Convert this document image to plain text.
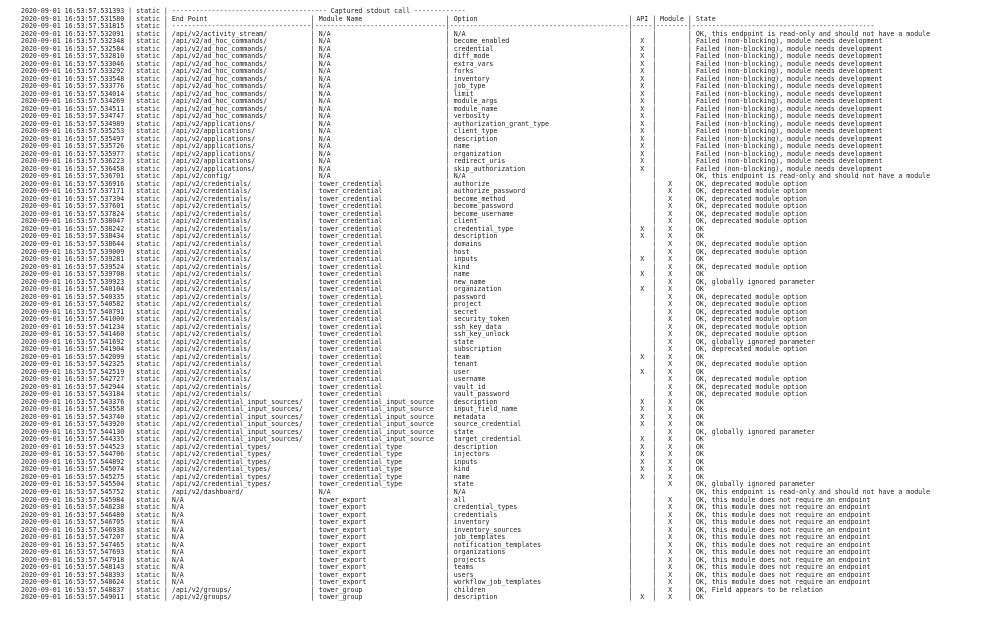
2020-09-01 16:53:57.531393 | static | --------------------------------------- Captured stdout call -------------
2020-09-01 16:53:57.531580 | static | End Point                          | Module Name                     | Option                                      | API | Module | State
2020-09-01 16:53:57.531815 | static | -----------------------------------|---------------------------------|---------------------------------------------|-----|--------|----------------------------------------------
2020-09-01 16:53:57.532091 | static | /api/v2/activity_stream/           | N/A                             | N/A                                         |     |        | OK, this endpoint is read-only and should not have a module
2020-09-01 16:53:57.532348 | static | /api/v2/ad_hoc_commands/           | N/A                             | become_enabled                              |  X  |        | Failed (non-blocking), module needs development
2020-09-01 16:53:57.532584 | static | /api/v2/ad_hoc_commands/           | N/A                             | credential                                  |  X  |        | Failed (non-blocking), module needs development
2020-09-01 16:53:57.532810 | static | /api/v2/ad_hoc_commands/           | N/A                             | diff_mode                                   |  X  |        | Failed (non-blocking), module needs development
2020-09-01 16:53:57.533046 | static | /api/v2/ad_hoc_commands/           | N/A                             | extra_vars                                  |  X  |        | Failed (non-blocking), module needs development
2020-09-01 16:53:57.533292 | static | /api/v2/ad_hoc_commands/           | N/A                             | forks                                       |  X  |        | Failed (non-blocking), module needs development
2020-09-01 16:53:57.533548 | static | /api/v2/ad_hoc_commands/           | N/A                             | inventory                                   |  X  |        | Failed (non-blocking), module needs development
2020-09-01 16:53:57.533776 | static | /api/v2/ad_hoc_commands/           | N/A                             | job_type                                    |  X  |        | Failed (non-blocking), module needs development
2020-09-01 16:53:57.534014 | static | /api/v2/ad_hoc_commands/           | N/A                             | limit                                       |  X  |        | Failed (non-blocking), module needs development
2020-09-01 16:53:57.534269 | static | /api/v2/ad_hoc_commands/           | N/A                             | module_args                                 |  X  |        | Failed (non-blocking), module needs development
2020-09-01 16:53:57.534511 | static | /api/v2/ad_hoc_commands/           | N/A                             | module_name                                 |  X  |        | Failed (non-blocking), module needs development
2020-09-01 16:53:57.534747 | static | /api/v2/ad_hoc_commands/           | N/A                             | verbosity                                   |  X  |        | Failed (non-blocking), module needs development
2020-09-01 16:53:57.534989 | static | /api/v2/applications/              | N/A                             | authorization_grant_type                    |  X  |        | Failed (non-blocking), module needs development
2020-09-01 16:53:57.535253 | static | /api/v2/applications/              | N/A                             | client_type                                 |  X  |        | Failed (non-blocking), module needs development
2020-09-01 16:53:57.535497 | static | /api/v2/applications/              | N/A                             | description                                 |  X  |        | Failed (non-blocking), module needs development
2020-09-01 16:53:57.535726 | static | /api/v2/applications/              | N/A                             | name                                        |  X  |        | Failed (non-blocking), module needs development
2020-09-01 16:53:57.535977 | static | /api/v2/applications/              | N/A                             | organization                                |  X  |        | Failed (non-blocking), module needs development
2020-09-01 16:53:57.536223 | static | /api/v2/applications/              | N/A                             | redirect_uris                               |  X  |        | Failed (non-blocking), module needs development
2020-09-01 16:53:57.536458 | static | /api/v2/applications/              | N/A                             | skip_authorization                          |  X  |        | Failed (non-blocking), module needs development
2020-09-01 16:53:57.536701 | static | /api/v2/config/                    | N/A                             | N/A                                         |     |        | OK, this endpoint is read-only and should not have a module
2020-09-01 16:53:57.536916 | static | /api/v2/credentials/               | tower_credential                | authorize                                   |     |   X    | OK, deprecated module option
2020-09-01 16:53:57.537171 | static | /api/v2/credentials/               | tower_credential                | authorize_password                          |     |   X    | OK, deprecated module option
2020-09-01 16:53:57.537394 | static | /api/v2/credentials/               | tower_credential                | become_method                               |     |   X    | OK, deprecated module option
2020-09-01 16:53:57.537601 | static | /api/v2/credentials/               | tower_credential                | become_password                             |     |   X    | OK, deprecated module option
2020-09-01 16:53:57.537824 | static | /api/v2/credentials/               | tower_credential                | become_username                             |     |   X    | OK, deprecated module option
2020-09-01 16:53:57.538047 | static | /api/v2/credentials/               | tower_credential                | client                                      |     |   X    | OK, deprecated module option
2020-09-01 16:53:57.538242 | static | /api/v2/credentials/               | tower_credential                | credential_type                             |  X  |   X    | OK
2020-09-01 16:53:57.538434 | static | /api/v2/credentials/               | tower_credential                | description                                 |  X  |   X    | OK
2020-09-01 16:53:57.538644 | static | /api/v2/credentials/               | tower_credential                | domains                                     |     |   X    | OK, deprecated module option
2020-09-01 16:53:57.539009 | static | /api/v2/credentials/               | tower_credential                | host                                        |     |   X    | OK, deprecated module option
2020-09-01 16:53:57.539281 | static | /api/v2/credentials/               | tower_credential                | inputs                                      |  X  |   X    | OK
2020-09-01 16:53:57.539524 | static | /api/v2/credentials/               | tower_credential                | kind                                        |     |   X    | OK, deprecated module option
2020-09-01 16:53:57.539708 | static | /api/v2/credentials/               | tower_credential                | name                                        |  X  |   X    | OK
2020-09-01 16:53:57.539923 | static | /api/v2/credentials/               | tower_credential                | new_name                                    |     |   X    | OK, globally ignored parameter
2020-09-01 16:53:57.540104 | static | /api/v2/credentials/               | tower_credential                | organization                                |  X  |   X    | OK
2020-09-01 16:53:57.540335 | static | /api/v2/credentials/               | tower_credential                | password                                    |     |   X    | OK, deprecated module option
2020-09-01 16:53:57.540582 | static | /api/v2/credentials/               | tower_credential                | project                                     |     |   X    | OK, deprecated module option
2020-09-01 16:53:57.540791 | static | /api/v2/credentials/               | tower_credential                | secret                                      |     |   X    | OK, deprecated module option
2020-09-01 16:53:57.541000 | static | /api/v2/credentials/               | tower_credential                | security_token                              |     |   X    | OK, deprecated module option
2020-09-01 16:53:57.541234 | static | /api/v2/credentials/               | tower_credential                | ssh_key_data                                |     |   X    | OK, deprecated module option
2020-09-01 16:53:57.541460 | static | /api/v2/credentials/               | tower_credential                | ssh_key_unlock                              |     |   X    | OK, deprecated module option
2020-09-01 16:53:57.541692 | static | /api/v2/credentials/               | tower_credential                | state                                       |     |   X    | OK, globally ignored parameter
2020-09-01 16:53:57.541904 | static | /api/v2/credentials/               | tower_credential                | subscription                                |     |   X    | OK, deprecated module option
2020-09-01 16:53:57.542099 | static | /api/v2/credentials/               | tower_credential                | team                                        |  X  |   X    | OK
2020-09-01 16:53:57.542325 | static | /api/v2/credentials/               | tower_credential                | tenant                                      |     |   X    | OK, deprecated module option
2020-09-01 16:53:57.542519 | static | /api/v2/credentials/               | tower_credential                | user                                        |  X  |   X    | OK
2020-09-01 16:53:57.542727 | static | /api/v2/credentials/               | tower_credential                | username                                    |     |   X    | OK, deprecated module option
2020-09-01 16:53:57.542944 | static | /api/v2/credentials/               | tower_credential                | vault_id                                    |     |   X    | OK, deprecated module option
2020-09-01 16:53:57.543184 | static | /api/v2/credentials/               | tower_credential                | vault_password                              |     |   X    | OK, deprecated module option
2020-09-01 16:53:57.543376 | static | /api/v2/credential_input_sources/  | tower_credential_input_source   | description                                 |  X  |   X    | OK
2020-09-01 16:53:57.543558 | static | /api/v2/credential_input_sources/  | tower_credential_input_source   | input_field_name                            |  X  |   X    | OK
2020-09-01 16:53:57.543740 | static | /api/v2/credential_input_sources/  | tower_credential_input_source   | metadata                                    |  X  |   X    | OK
2020-09-01 16:53:57.543920 | static | /api/v2/credential_input_sources/  | tower_credential_input_source   | source_credential                           |  X  |   X    | OK
2020-09-01 16:53:57.544130 | static | /api/v2/credential_input_sources/  | tower_credential_input_source   | state                                       |     |   X    | OK, globally ignored parameter
2020-09-01 16:53:57.544335 | static | /api/v2/credential_input_sources/  | tower_credential_input_source   | target_credential                           |  X  |   X    | OK
2020-09-01 16:53:57.544523 | static | /api/v2/credential_types/          | tower_credential_type           | description                                 |  X  |   X    | OK
2020-09-01 16:53:57.544706 | static | /api/v2/credential_types/          | tower_credential_type           | injectors                                   |  X  |   X    | OK
2020-09-01 16:53:57.544892 | static | /api/v2/credential_types/          | tower_credential_type           | inputs                                      |  X  |   X    | OK
2020-09-01 16:53:57.545074 | static | /api/v2/credential_types/          | tower_credential_type           | kind                                        |  X  |   X    | OK
2020-09-01 16:53:57.545275 | static | /api/v2/credential_types/          | tower_credential_type           | name                                        |  X  |   X    | OK
2020-09-01 16:53:57.545504 | static | /api/v2/credential_types/          | tower_credential_type           | state                                       |     |   X    | OK, globally ignored parameter
2020-09-01 16:53:57.545752 | static | /api/v2/dashboard/                 | N/A                             | N/A                                         |     |        | OK, this endpoint is read-only and should not have a module
2020-09-01 16:53:57.545984 | static | N/A                                | tower_export                    | all                                         |     |   X    | OK, this module does not require an endpoint
2020-09-01 16:53:57.546238 | static | N/A                                | tower_export                    | credential_types                            |     |   X    | OK, this module does not require an endpoint
2020-09-01 16:53:57.546480 | static | N/A                                | tower_export                    | credentials                                 |     |   X    | OK, this module does not require an endpoint
2020-09-01 16:53:57.546705 | static | N/A                                | tower_export                    | inventory                                   |     |   X    | OK, this module does not require an endpoint
2020-09-01 16:53:57.546938 | static | N/A                                | tower_export                    | inventory_sources                           |     |   X    | OK, this module does not require an endpoint
2020-09-01 16:53:57.547207 | static | N/A                                | tower_export                    | job_templates                               |     |   X    | OK, this module does not require an endpoint
2020-09-01 16:53:57.547465 | static | N/A                                | tower_export                    | notification_templates                      |     |   X    | OK, this module does not require an endpoint
2020-09-01 16:53:57.547693 | static | N/A                                | tower_export                    | organizations                               |     |   X    | OK, this module does not require an endpoint
2020-09-01 16:53:57.547918 | static | N/A                                | tower_export                    | projects                                    |     |   X    | OK, this module does not require an endpoint
2020-09-01 16:53:57.548143 | static | N/A                                | tower_export                    | teams                                       |     |   X    | OK, this module does not require an endpoint
2020-09-01 16:53:57.548393 | static | N/A                                | tower_export                    | users                                       |     |   X    | OK, this module does not require an endpoint
2020-09-01 16:53:57.548624 | static | N/A                                | tower_export                    | workflow_job_templates                      |     |   X    | OK, this module does not require an endpoint
2020-09-01 16:53:57.548837 | static | /api/v2/groups/                    | tower_group                     | children                                    |     |   X    | OK, Field appears to be relation
2020-09-01 16:53:57.549011 | static | /api/v2/groups/                    | tower_group                     | description                                 |  X  |   X    | OK
